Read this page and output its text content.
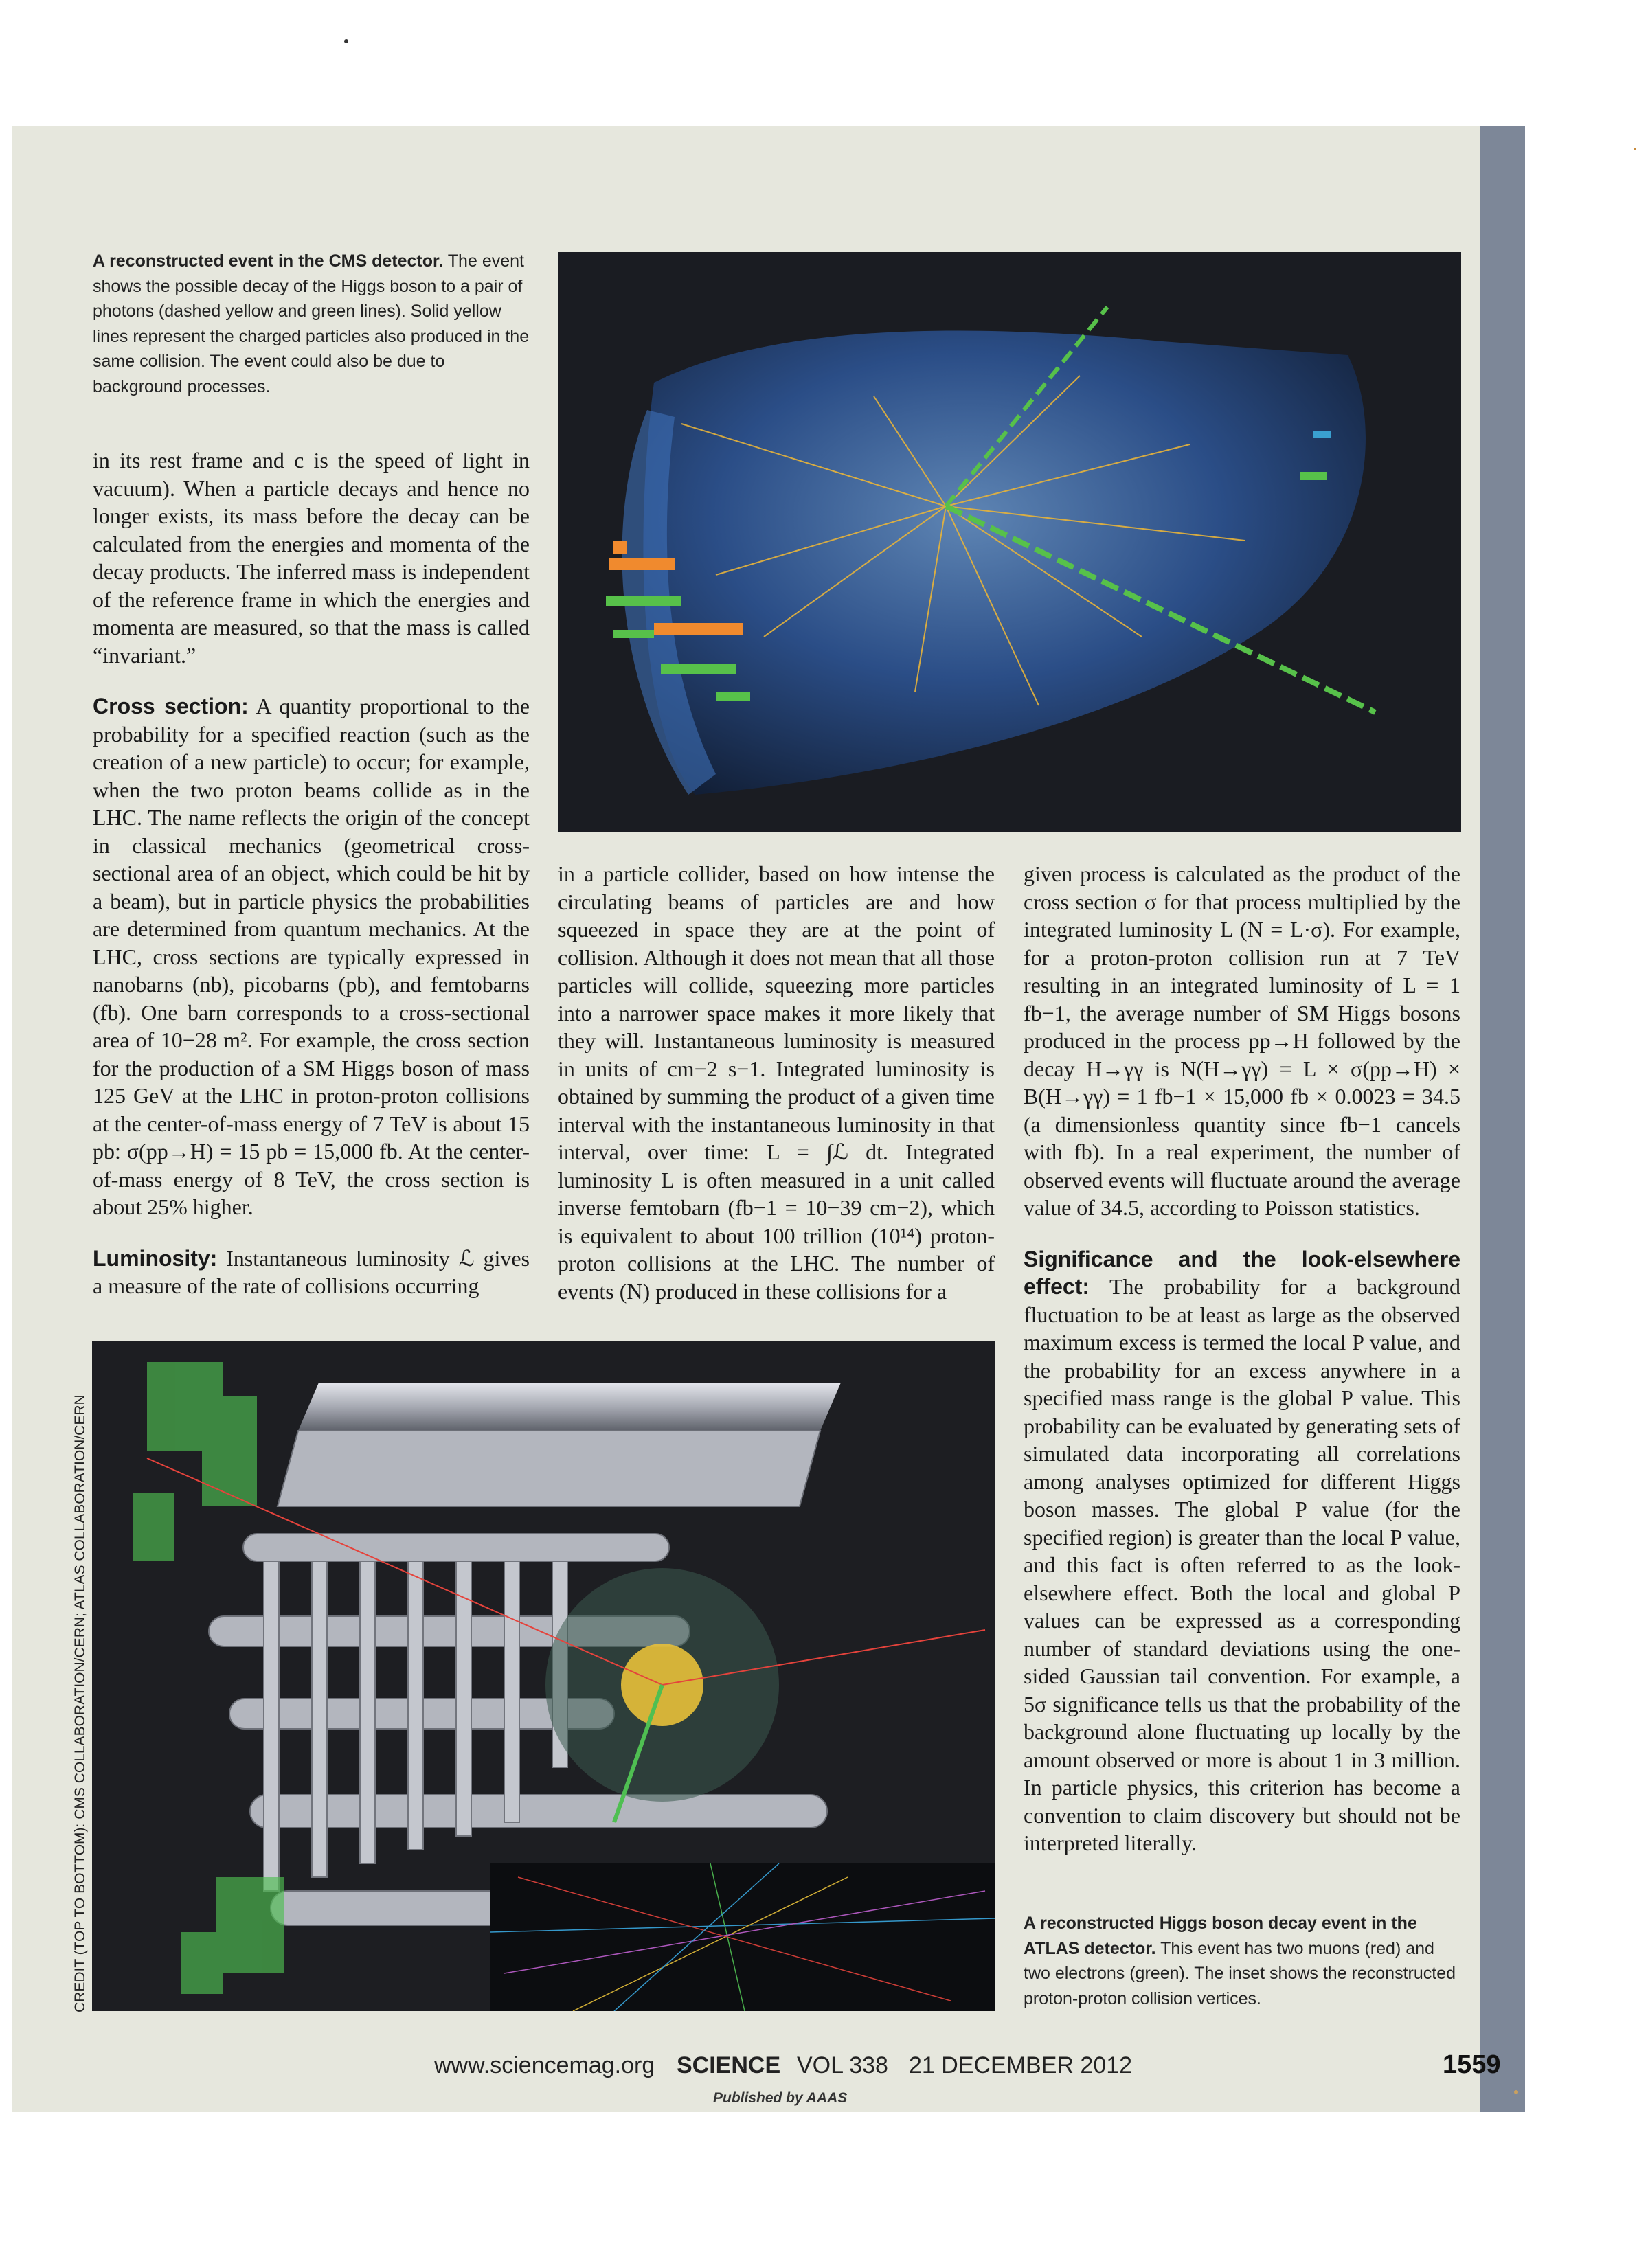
A reconstructed event in the CMS detector. The event shows the possible decay of the Higgs boson to a pair of photons (dashed yellow and green lines). Solid yellow lines represent the charged particles also produced in the same collision. The event could also be due to background processes.

in its rest frame and c is the speed of light in vacuum). When a particle decays and hence no longer exists, its mass before the decay can be calculated from the energies and momenta of the decay products. The inferred mass is independent of the reference frame in which the energies and momenta are measured, so that the mass is called “invariant.”

Cross section: A quantity proportional to the probability for a specified reaction (such as the creation of a new particle) to occur; for example, when the two proton beams collide as in the LHC. The name reflects the origin of the concept in classical mechanics (geometrical cross-sectional area of an object, which could be hit by a beam), but in particle physics the probabilities are determined from quantum mechanics. At the LHC, cross sections are typically expressed in nanobarns (nb), picobarns (pb), and femtobarns (fb). One barn corresponds to a cross-sectional area of 10−28 m². For example, the cross section for the production of a SM Higgs boson of mass 125 GeV at the LHC in proton-proton collisions at the center-of-mass energy of 7 TeV is about 15 pb: σ(pp→H) = 15 pb = 15,000 fb. At the center-of-mass energy of 8 TeV, the cross section is about 25% higher.

Luminosity: Instantaneous luminosity ℒ gives a measure of the rate of collisions occurring

in a particle collider, based on how intense the circulating beams of particles are and how squeezed in space they are at the point of collision. Although it does not mean that all those particles will collide, squeezing more particles into a narrower space makes it more likely that they will. Instantaneous luminosity is measured in units of cm−2 s−1. Integrated luminosity is obtained by summing the product of a given time interval with the instantaneous luminosity in that interval, over time: L = ∫ℒ dt. Integrated luminosity L is often measured in a unit called inverse femtobarn (fb−1 = 10−39 cm−2), which is equivalent to about 100 trillion (10¹⁴) proton-proton collisions at the LHC. The number of events (N) produced in these collisions for a

given process is calculated as the product of the cross section σ for that process multiplied by the integrated luminosity L (N = L·σ). For example, for a proton-proton collision run at 7 TeV resulting in an integrated luminosity of L = 1 fb−1, the average number of SM Higgs bosons produced in the process pp→H followed by the decay H→γγ is N(H→γγ) = L × σ(pp→H) × B(H→γγ) = 1 fb−1 × 15,000 fb × 0.0023 = 34.5 (a dimensionless quantity since fb−1 cancels with fb). In a real experiment, the number of observed events will fluctuate around the average value of 34.5, according to Poisson statistics.

Significance and the look-elsewhere effect: The probability for a background fluctuation to be at least as large as the observed maximum excess is termed the local P value, and the probability for an excess anywhere in a specified mass range is the global P value. This probability can be evaluated by generating sets of simulated data incorporating all correlations among analyses optimized for different Higgs boson masses. The global P value (for the specified region) is greater than the local P value, and this fact is often referred to as the look-elsewhere effect. Both the local and global P values can be expressed as a corresponding number of standard deviations using the one-sided Gaussian tail convention. For example, a 5σ significance tells us that the probability of the background alone fluctuating up locally by the amount observed or more is about 1 in 3 million. In particle physics, this criterion has become a convention to claim discovery but should not be interpreted literally.

A reconstructed Higgs boson decay event in the ATLAS detector. This event has two muons (red) and two electrons (green). The inset shows the reconstructed proton-proton collision vertices.
CREDIT (TOP TO BOTTOM): CMS COLLABORATION/CERN; ATLAS COLLABORATION/CERN
www.sciencemag.org SCIENCE VOL 338 21 DECEMBER 2012
Published by AAAS
1559
